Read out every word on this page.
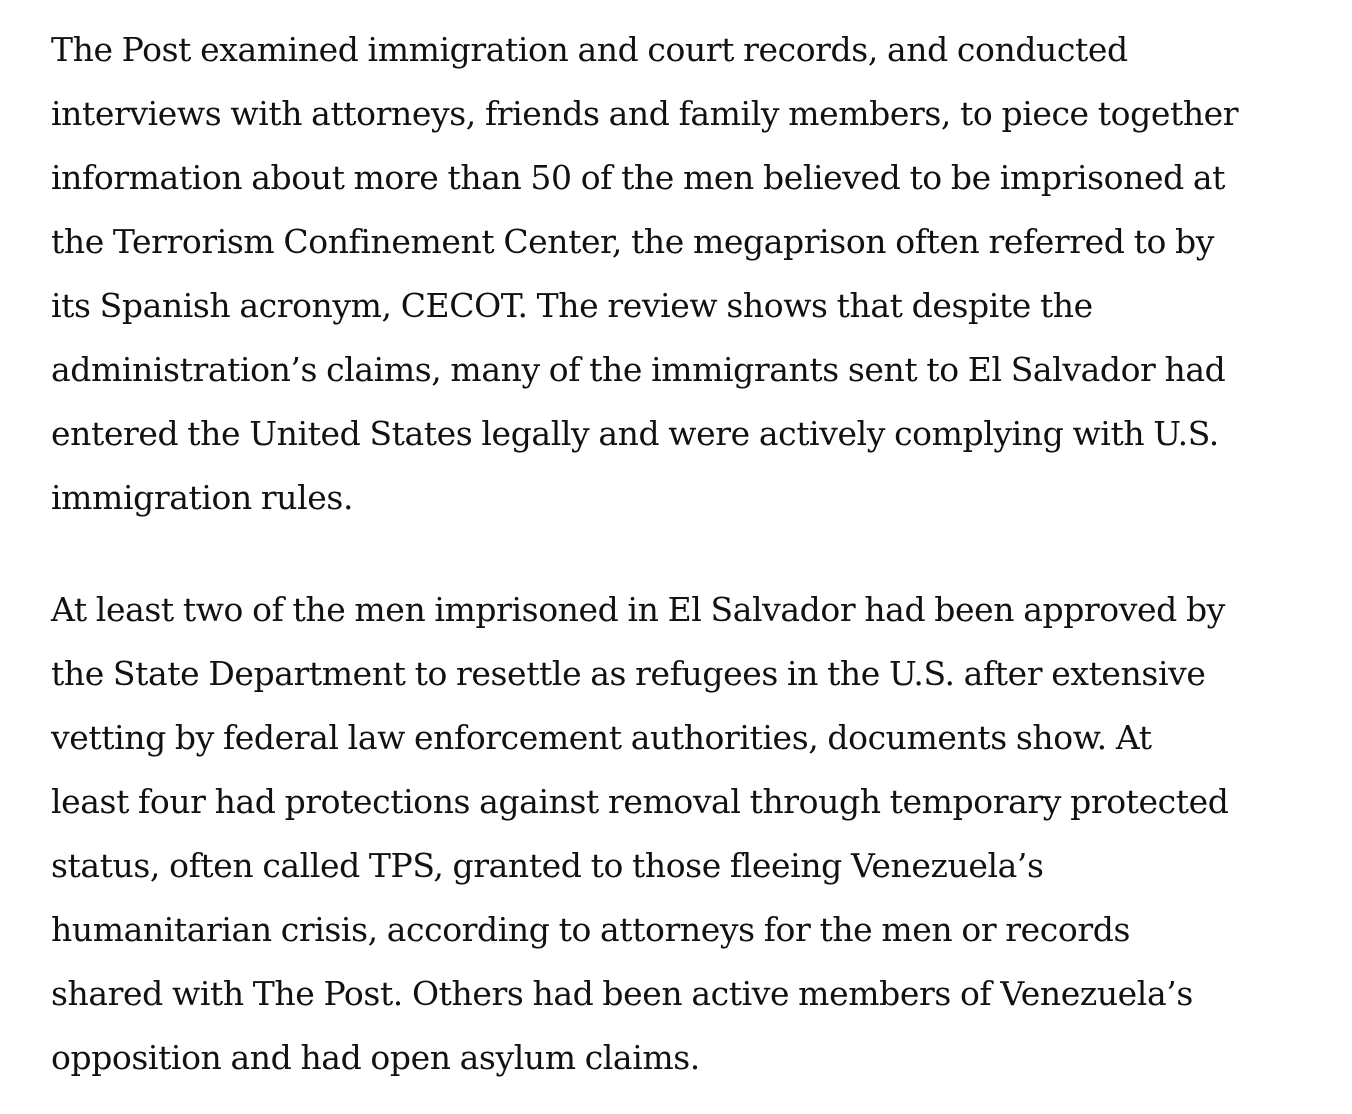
The Post examined immigration and court records, and conducted
interviews with attorneys, friends and family members, to piece together
information about more than 50 of the men believed to be imprisoned at
the Terrorism Confinement Center, the megaprison often referred to by
its Spanish acronym, CECOT. The review shows that despite the
administration’s claims, many of the immigrants sent to El Salvador had
entered the United States legally and were actively complying with U.S.
immigration rules.

At least two of the men imprisoned in El Salvador had been approved by
the State Department to resettle as refugees in the U.S. after extensive
vetting by federal law enforcement authorities, documents show. At
least four had protections against removal through temporary protected
status, often called TPS, granted to those fleeing Venezuela’s
humanitarian crisis, according to attorneys for the men or records
shared with The Post. Others had been active members of Venezuela’s
opposition and had open asylum claims.
